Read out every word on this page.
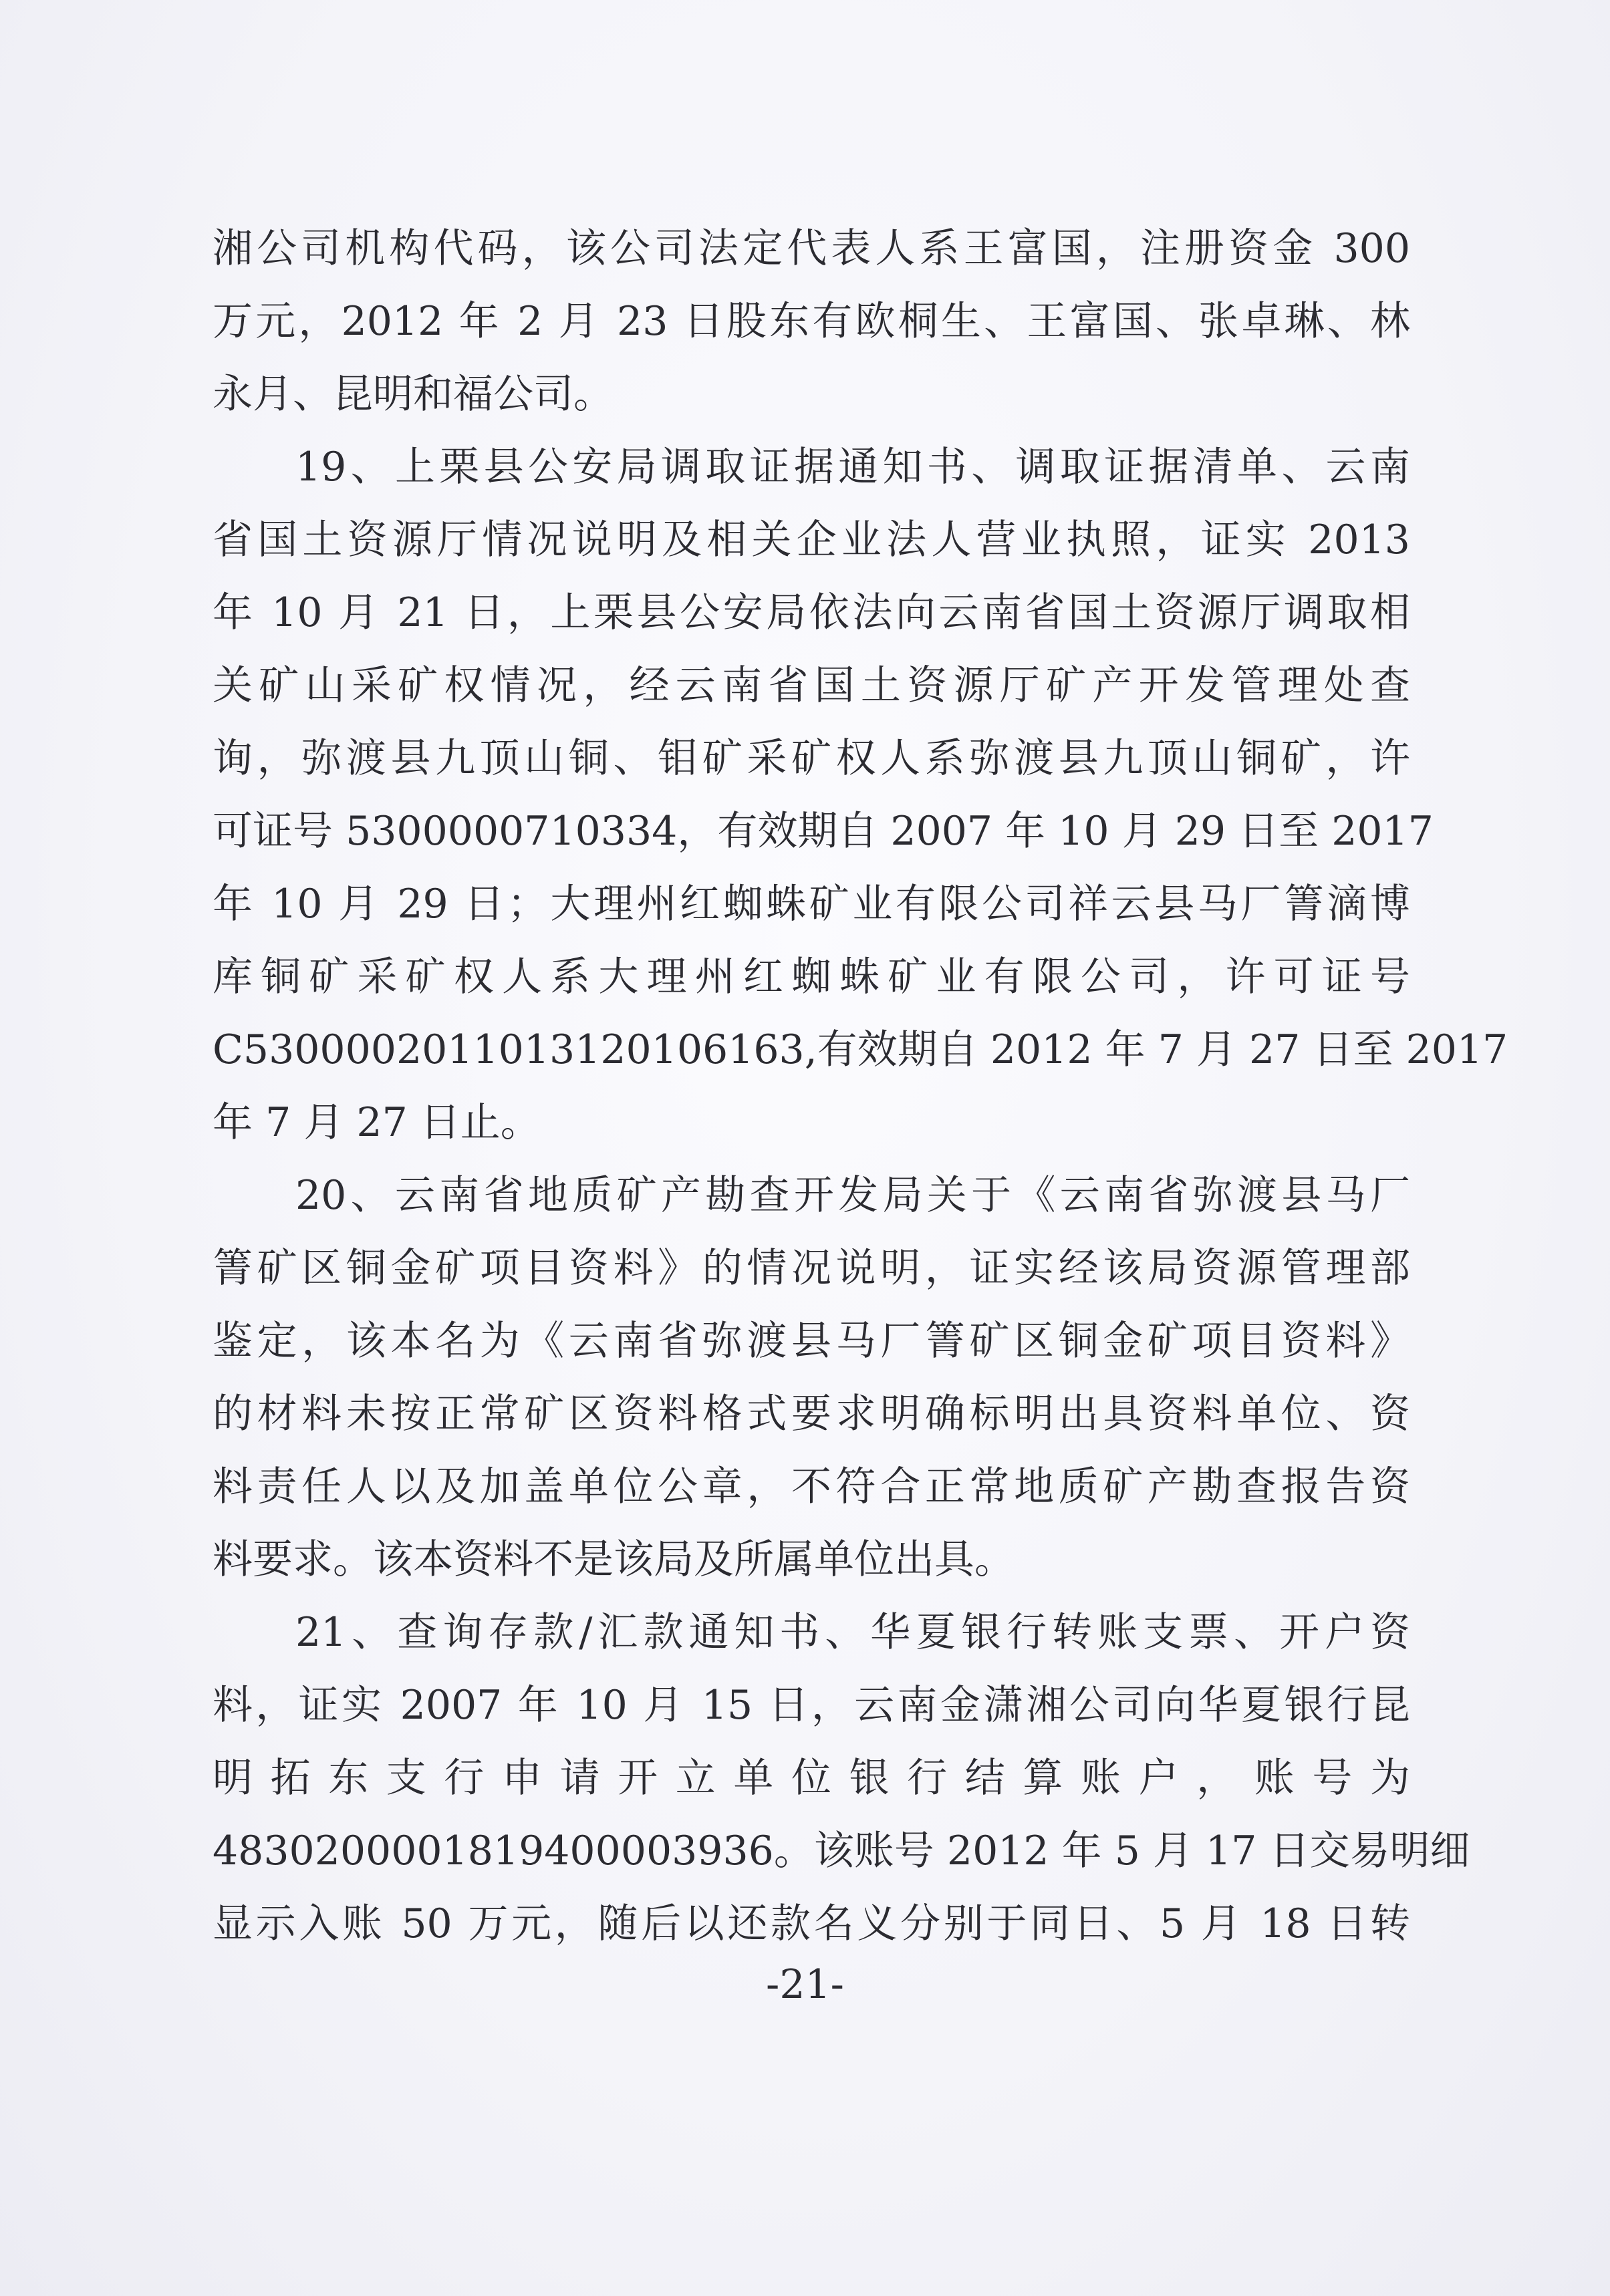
湘公司机构代码，该公司法定代表人系王富国，注册资金 300
万元，2012 年 2 月 23 日股东有欧桐生、王富国、张卓琳、林
永月、昆明和福公司。
19、上栗县公安局调取证据通知书、调取证据清单、云南
省国土资源厅情况说明及相关企业法人营业执照，证实 2013
年 10 月 21 日，上栗县公安局依法向云南省国土资源厅调取相
关矿山采矿权情况，经云南省国土资源厅矿产开发管理处查
询，弥渡县九顶山铜、钼矿采矿权人系弥渡县九顶山铜矿，许
可证号 5300000710334，有效期自 2007 年 10 月 29 日至 2017
年 10 月 29 日；大理州红蜘蛛矿业有限公司祥云县马厂箐滴博
库铜矿采矿权人系大理州红蜘蛛矿业有限公司，许可证号
C5300002011013120106163,有效期自 2012 年 7 月 27 日至 2017
年 7 月 27 日止。
20、云南省地质矿产勘查开发局关于《云南省弥渡县马厂
箐矿区铜金矿项目资料》的情况说明，证实经该局资源管理部
鉴定，该本名为《云南省弥渡县马厂箐矿区铜金矿项目资料》
的材料未按正常矿区资料格式要求明确标明出具资料单位、资
料责任人以及加盖单位公章，不符合正常地质矿产勘查报告资
料要求。该本资料不是该局及所属单位出具。
21、查询存款/汇款通知书、华夏银行转账支票、开户资
料，证实 2007 年 10 月 15 日，云南金潇湘公司向华夏银行昆
明拓东支行申请开立单位银行结算账户，账号为
4830200001819400003936。该账号 2012 年 5 月 17 日交易明细
显示入账 50 万元，随后以还款名义分别于同日、5 月 18 日转
-21-
